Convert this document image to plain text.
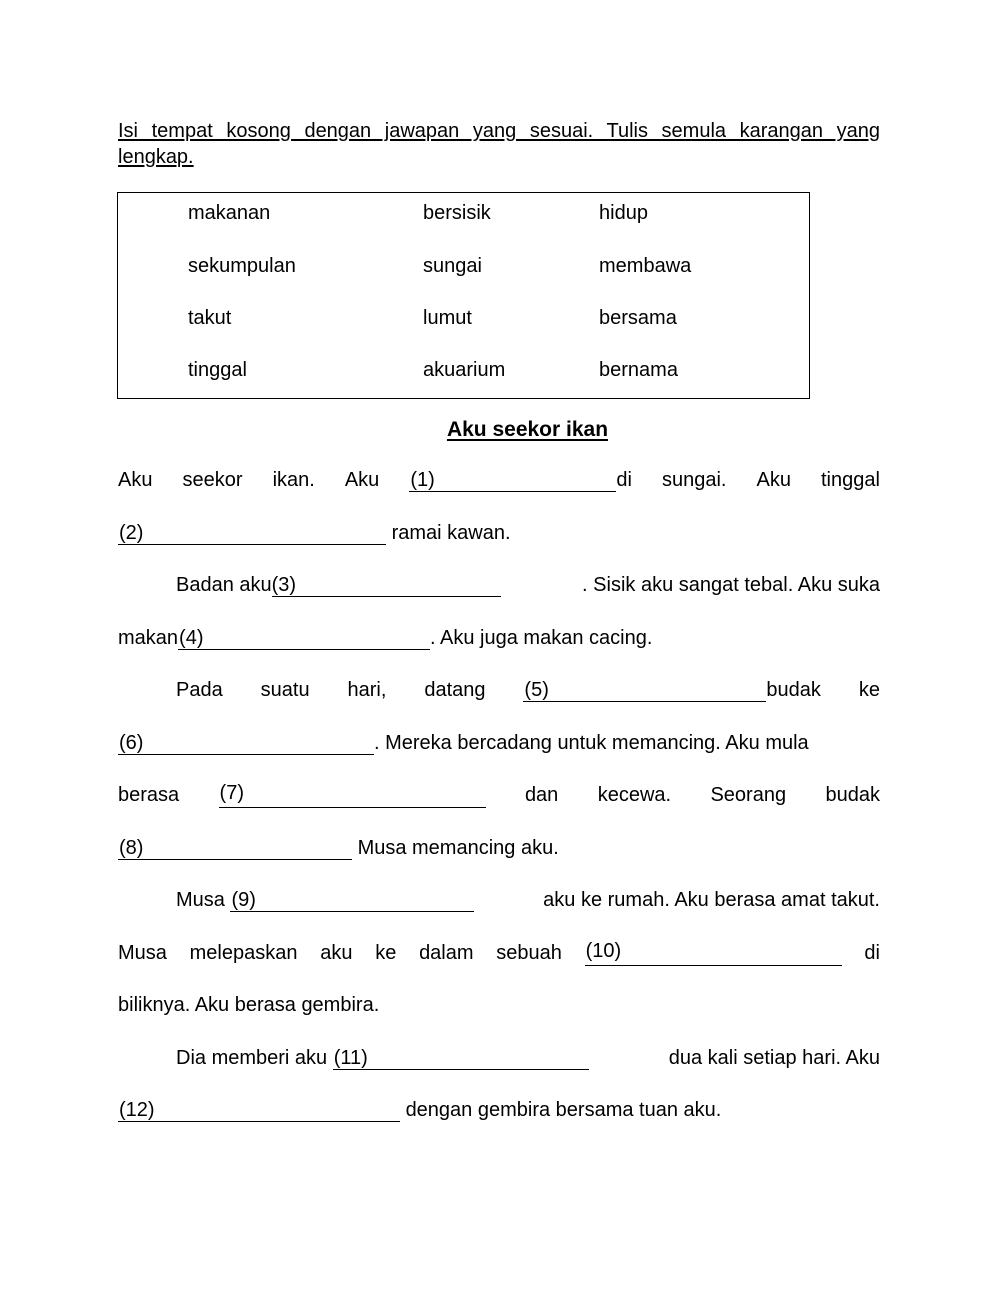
Isi tempat kosong dengan jawapan yang sesuai. Tulis semula karangan yang lengkap.
makanan	bersisik	hidup
sekumpulan	sungai	membawa
takut	lumut	bersama
tinggal	akuarium	bernama
Aku seekor ikan
Aku seekor ikan. Aku (1)	di sungai. Aku tinggal
(2)	ramai kawan.
Badan aku(3)	. Sisik aku sangat tebal. Aku suka
makan(4)	. Aku juga makan cacing.
Pada suatu hari, datang (5)	budak ke
(6)	. Mereka bercadang untuk memancing. Aku mula
berasa (7)	dan kecewa. Seorang budak
(8)	Musa memancing aku.
Musa (9)	aku ke rumah. Aku berasa amat takut.
Musa melepaskan aku ke dalam sebuah (10)	di
biliknya. Aku berasa gembira.
Dia memberi aku (11)	dua kali setiap hari. Aku
(12)	dengan gembira bersama tuan aku.
